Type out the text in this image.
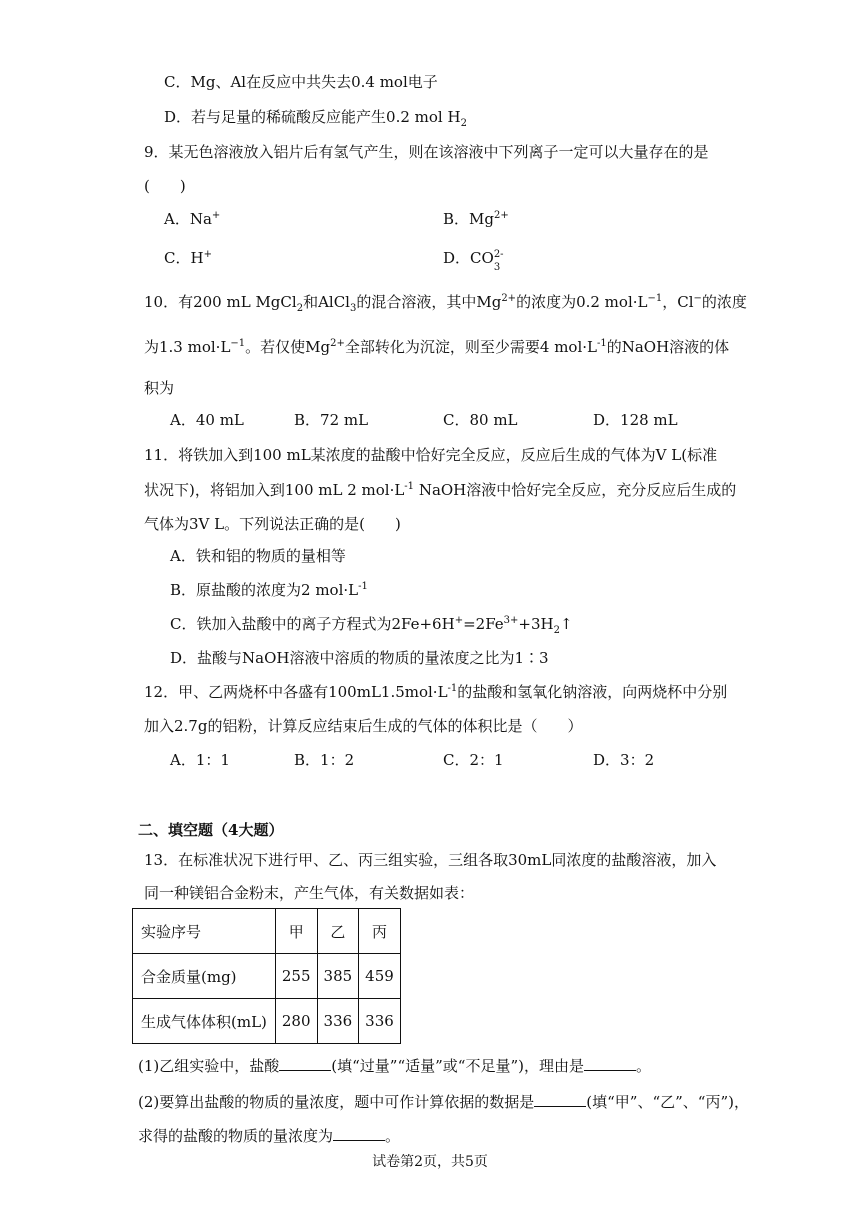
C．Mg、Al在反应中共失去0.4 mol电子
D．若与足量的稀硫酸反应能产生0.2 mol $H_2$
9．某无色溶液放入铝片后有氢气产生，则在该溶液中下列离子一定可以大量存在的是
(　　)
A．Na+	B．$Mg^{2+}$
C．H+	D．CO 2-
3
10．有200 mL MgCl$_2$和AlCl$_3$的混合溶液，其中$Mg^{2+}$的浓度为0.2 $mol\cdot L^{-1}$，Cl−的浓度
为1.3 $mol\cdot L^{-1}$。若仅使$Mg^{2+}$全部转化为沉淀，则至少需要4 $mol\cdot L^{-1}$的NaOH溶液的体
积为
A．40 mL	B．72 mL	C．80 mL	D．128 mL
11．将铁加入到100 mL某浓度的盐酸中恰好完全反应，反应后生成的气体为V L(标准
状况下)，将铝加入到100 mL 2 $mol\cdot L^{-1}$ NaOH溶液中恰好完全反应，充分反应后生成的
气体为3V L。下列说法正确的是(　　)
A．铁和铝的物质的量相等
B．原盐酸的浓度为2 $mol\cdot L^{-1}$
C．铁加入盐酸中的离子方程式为$2Fe+6H^+=2Fe^{3+}+3H_2↑$
D．盐酸与NaOH溶液中溶质的物质的量浓度之比为1∶3
12．甲、乙两烧杯中各盛有$100mL1.5mol\cdot L^{-1}$的盐酸和氢氧化钠溶液，向两烧杯中分别
加入2.7g的铝粉，计算反应结束后生成的气体的体积比是（　　）
A．1：1	B．1：2	C．2：1	D．3：2
二、填空题（4大题）
13．在标准状况下进行甲、乙、丙三组实验，三组各取30mL同浓度的盐酸溶液，加入
同一种镁铝合金粉末，产生气体，有关数据如表：
实验序号	甲	乙	丙
合金质量(mg)	255	385	459
生成气体体积(mL)	280	336	336
(1)乙组实验中，盐酸	(填“过量”“适量”或“不足量”)，理由是	。
(2)要算出盐酸的物质的量浓度，题中可作计算依据的数据是	(填“甲”、“乙”、“丙”)，
求得的盐酸的物质的量浓度为	。
试卷第2页，共5页
